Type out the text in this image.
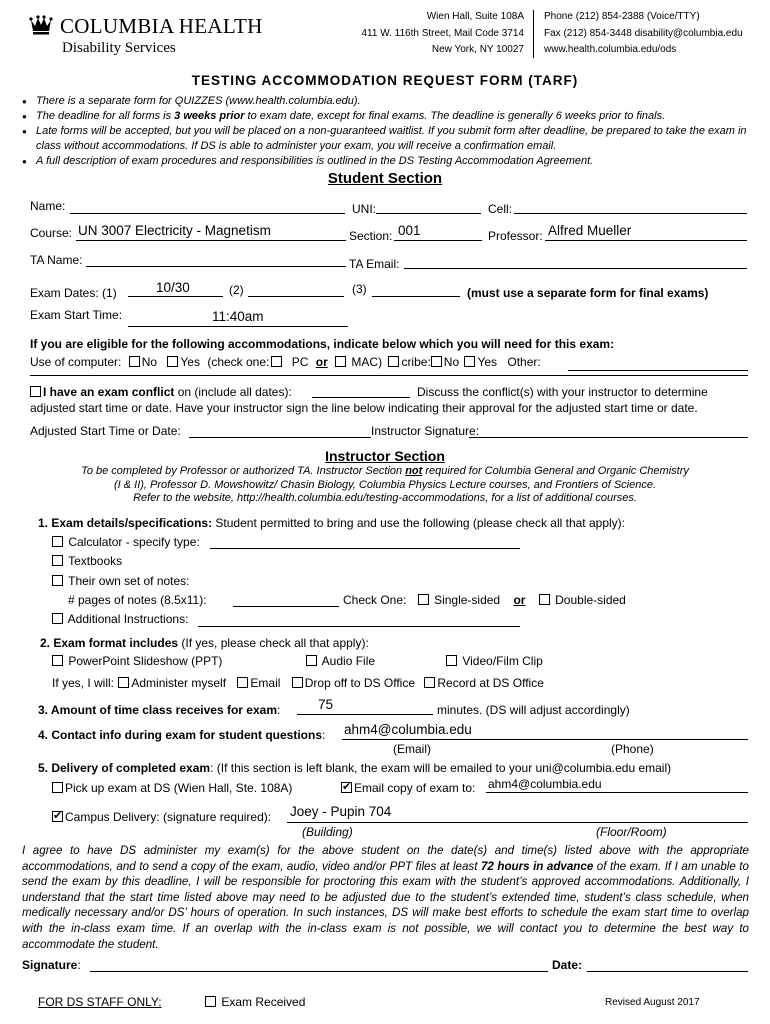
COLUMBIA HEALTH
Disability Services
Wien Hall, Suite 108A
411 W. 116th Street, Mail Code 3714
New York, NY 10027
Phone (212) 854-2388 (Voice/TTY)
Fax (212) 854-3448 disability@columbia.edu
www.health.columbia.edu/ods
TESTING ACCOMMODATION REQUEST FORM (TARF)
● There is a separate form for QUIZZES (www.health.columbia.edu).
● The deadline for all forms is 3 weeks prior to exam date, except for final exams. The deadline is generally 6 weeks prior to finals.
● Late forms will be accepted, but you will be placed on a non-guaranteed waitlist. If you submit form after deadline, be prepared to take the exam in class without accommodations. If DS is able to administer your exam, you will receive a confirmation email.
● A full description of exam procedures and responsibilities is outlined in the DS Testing Accommodation Agreement.
Student Section
Name:	UNI:	Cell:
Course: UN 3007 Electricity - Magnetism	Section: 001	Professor: Alfred Mueller
TA Name:	TA Email:
Exam Dates: (1)	10/30	(2)	(3)	(must use a separate form for final exams)
Exam Start Time:	11:40am
If you are eligible for the following accommodations, indicate below which you will need for this exam:
Use of computer: No Yes (check one: PC or MAC) cribe: No Yes Other:
I have an exam conflict on (include all dates):	Discuss the conflict(s) with your instructor to determine
adjusted start time or date. Have your instructor sign the line below indicating their approval for the adjusted start time or date.
Adjusted Start Time or Date:	Instructor Signature:
Instructor Section
To be completed by Professor or authorized TA. Instructor Section not required for Columbia General and Organic Chemistry
(I & II), Professor D. Mowshowitz/ Chasin Biology, Columbia Physics Lecture courses, and Frontiers of Science.
Refer to the website, http://health.columbia.edu/testing-accommodations, for a list of additional courses.
1. Exam details/specifications: Student permitted to bring and use the following (please check all that apply):
Calculator - specify type:
Textbooks
Their own set of notes:
# pages of notes (8.5x11):	Check One: Single-sided or Double-sided
Additional Instructions:
2. Exam format includes (If yes, please check all that apply):
PowerPoint Slideshow (PPT)	Audio File	Video/Film Clip
If yes, I will: Administer myself Email Drop off to DS Office Record at DS Office
3. Amount of time class receives for exam:	75	minutes. (DS will adjust accordingly)
4. Contact info during exam for student questions: ahm4@columbia.edu
(Email)	(Phone)
5. Delivery of completed exam: (If this section is left blank, the exam will be emailed to your uni@columbia.edu email)
Pick up exam at DS (Wien Hall, Ste. 108A)
✔	Email copy of exam to: ahm4@columbia.edu
✔Campus Delivery: (signature required): Joey - Pupin 704
(Building)	(Floor/Room)
I agree to have DS administer my exam(s) for the above student on the date(s) and time(s) listed above with the appropriate accommodations, and to send a copy of the exam, audio, video and/or PPT files at least 72 hours in advance of the exam. If I am unable to send the exam by this deadline, I will be responsible for proctoring this exam with the student’s approved accommodations. Additionally, I understand that the start time listed above may need to be adjusted due to the student’s extended time, student’s class schedule, when medically necessary and/or DS’ hours of operation. In such instances, DS will make best efforts to schedule the exam start time to overlap with the in-class exam time. If an overlap with the in-class exam is not possible, we will contact you to determine the best way to accommodate the student.
Signature:	Date:
FOR DS STAFF ONLY:	Exam Received	Revised August 2017
